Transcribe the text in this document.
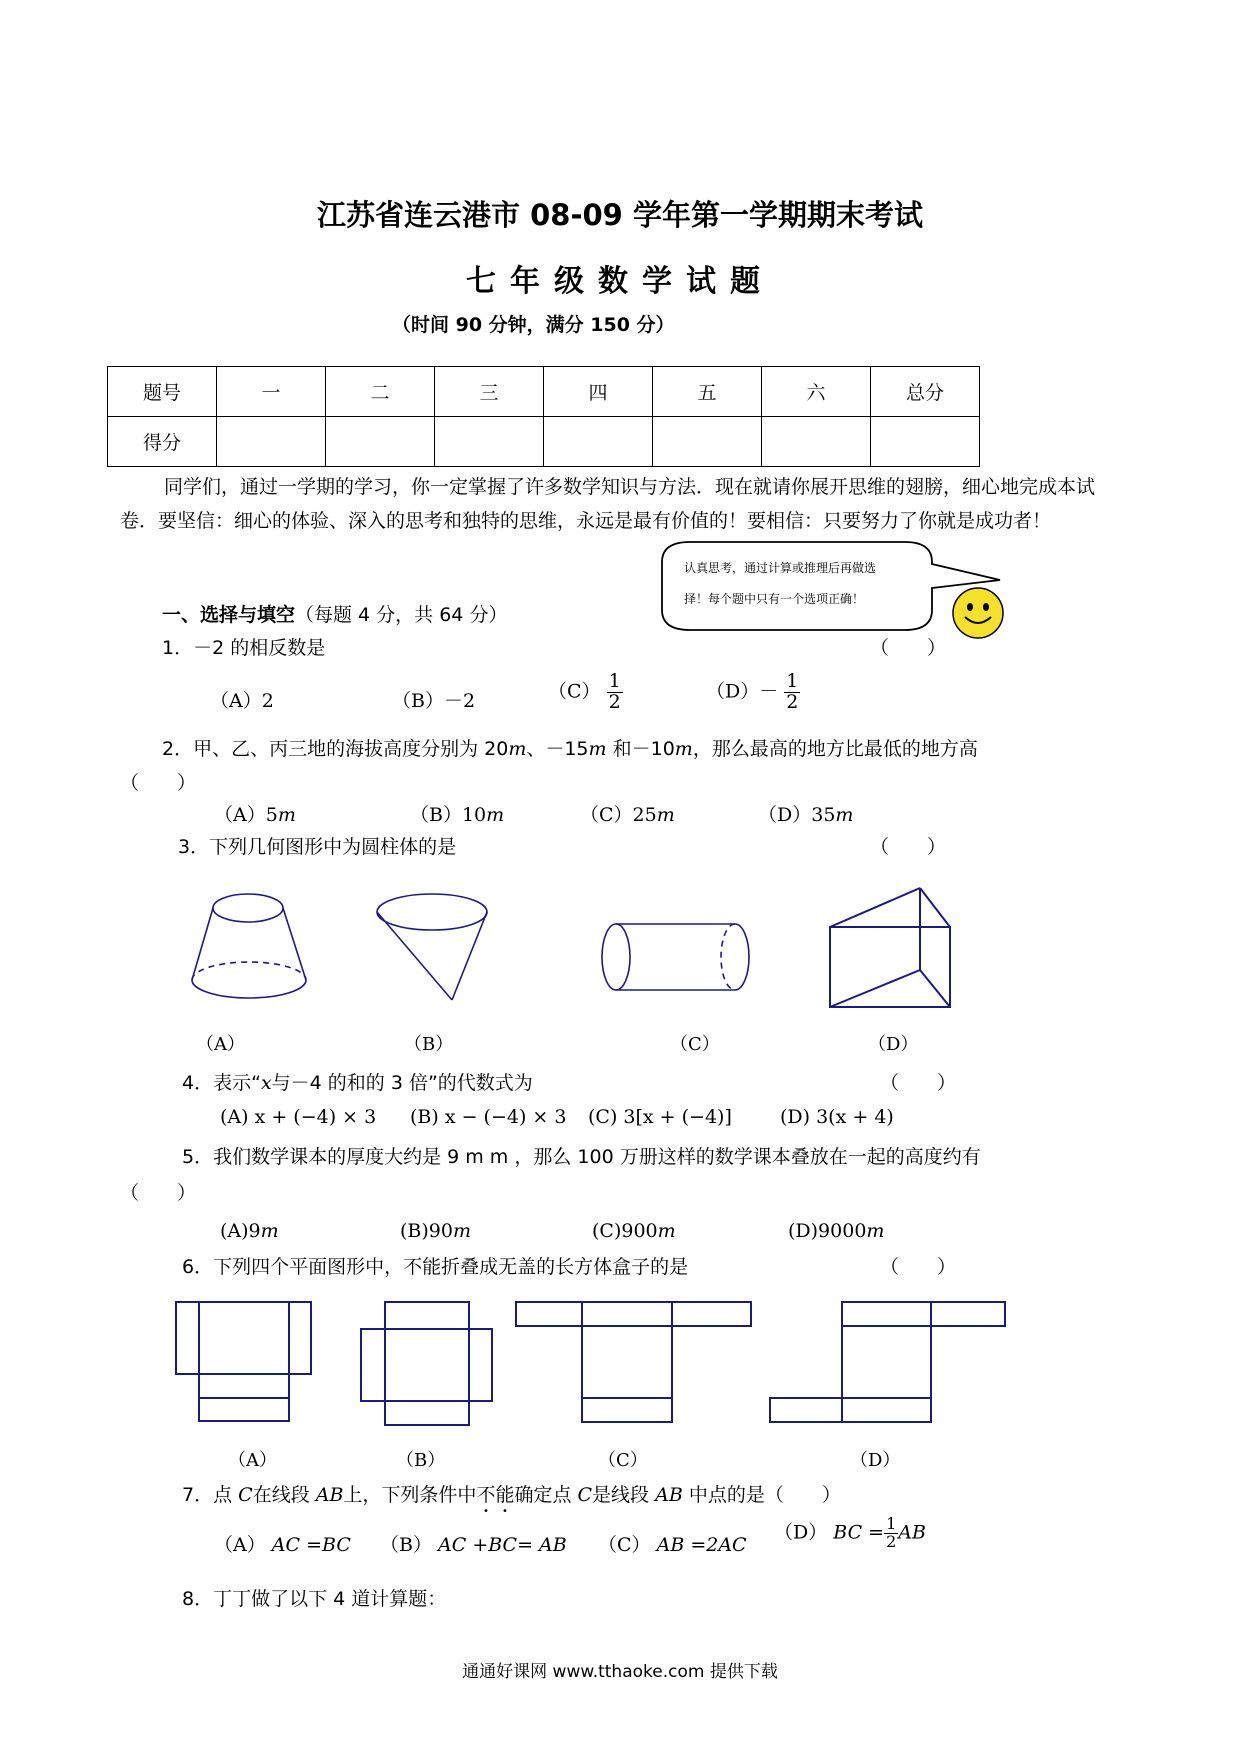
江苏省连云港市 08-09 学年第一学期期末考试
七年级数学试题
（时间 90 分钟，满分 150 分）
题号	一	二	三	四	五	六	总分
得分							
同学们，通过一学期的学习，你一定掌握了许多数学知识与方法．现在就请你展开思维的翅膀，细心地完成本试卷．要坚信：细心的体验、深入的思考和独特的思维，永远是最有价值的！要相信：只要努力了你就是成功者！
认真思考，通过计算或推理后再做选
择！每个题中只有一个选项正确！
一、选择与填空（每题 4 分，共 64 分）
1．－2 的相反数是	（　　）
（A）2	（B）－2	$(C) \frac{1}{2}$	$(D)- \frac{1}{2}$
2．甲、乙、丙三地的海拔高度分别为 20m、－15m 和－10m，那么最高的地方比最低的地方高
（　　）
（A）5m	（B）10m	（C）25m	（D）35m
3．下列几何图形中为圆柱体的是	（　　）
（A）	（B）	（C）	（D）
4．表示“x与－4 的和的 3 倍”的代数式为	（　　）
(A) x + (−4) × 3 (B) x − (−4) × 3 (C) 3[x + (−4)]	(D) 3(x + 4)
5．我们数学课本的厚度大约是 9 m m ，那么 100 万册这样的数学课本叠放在一起的高度约有
（　　）
(A)9m	(B)90m	(C)900m	(D)9000m
6．下列四个平面图形中，不能折叠成无盖的长方体盒子的是	（　　）
（A）	（B）	（C）	（D）
7．点 C在线段 AB上，下列条件中不能确定点 C是线段 AB 中点的是（　　）
（A） AC =BC （B） AC +BC= AB （C） AB =2AC
（D） BC = $\frac{1}{2}$ AB
8．丁丁做了以下 4 道计算题：
通通好课网 www.tthaoke.com 提供下载
